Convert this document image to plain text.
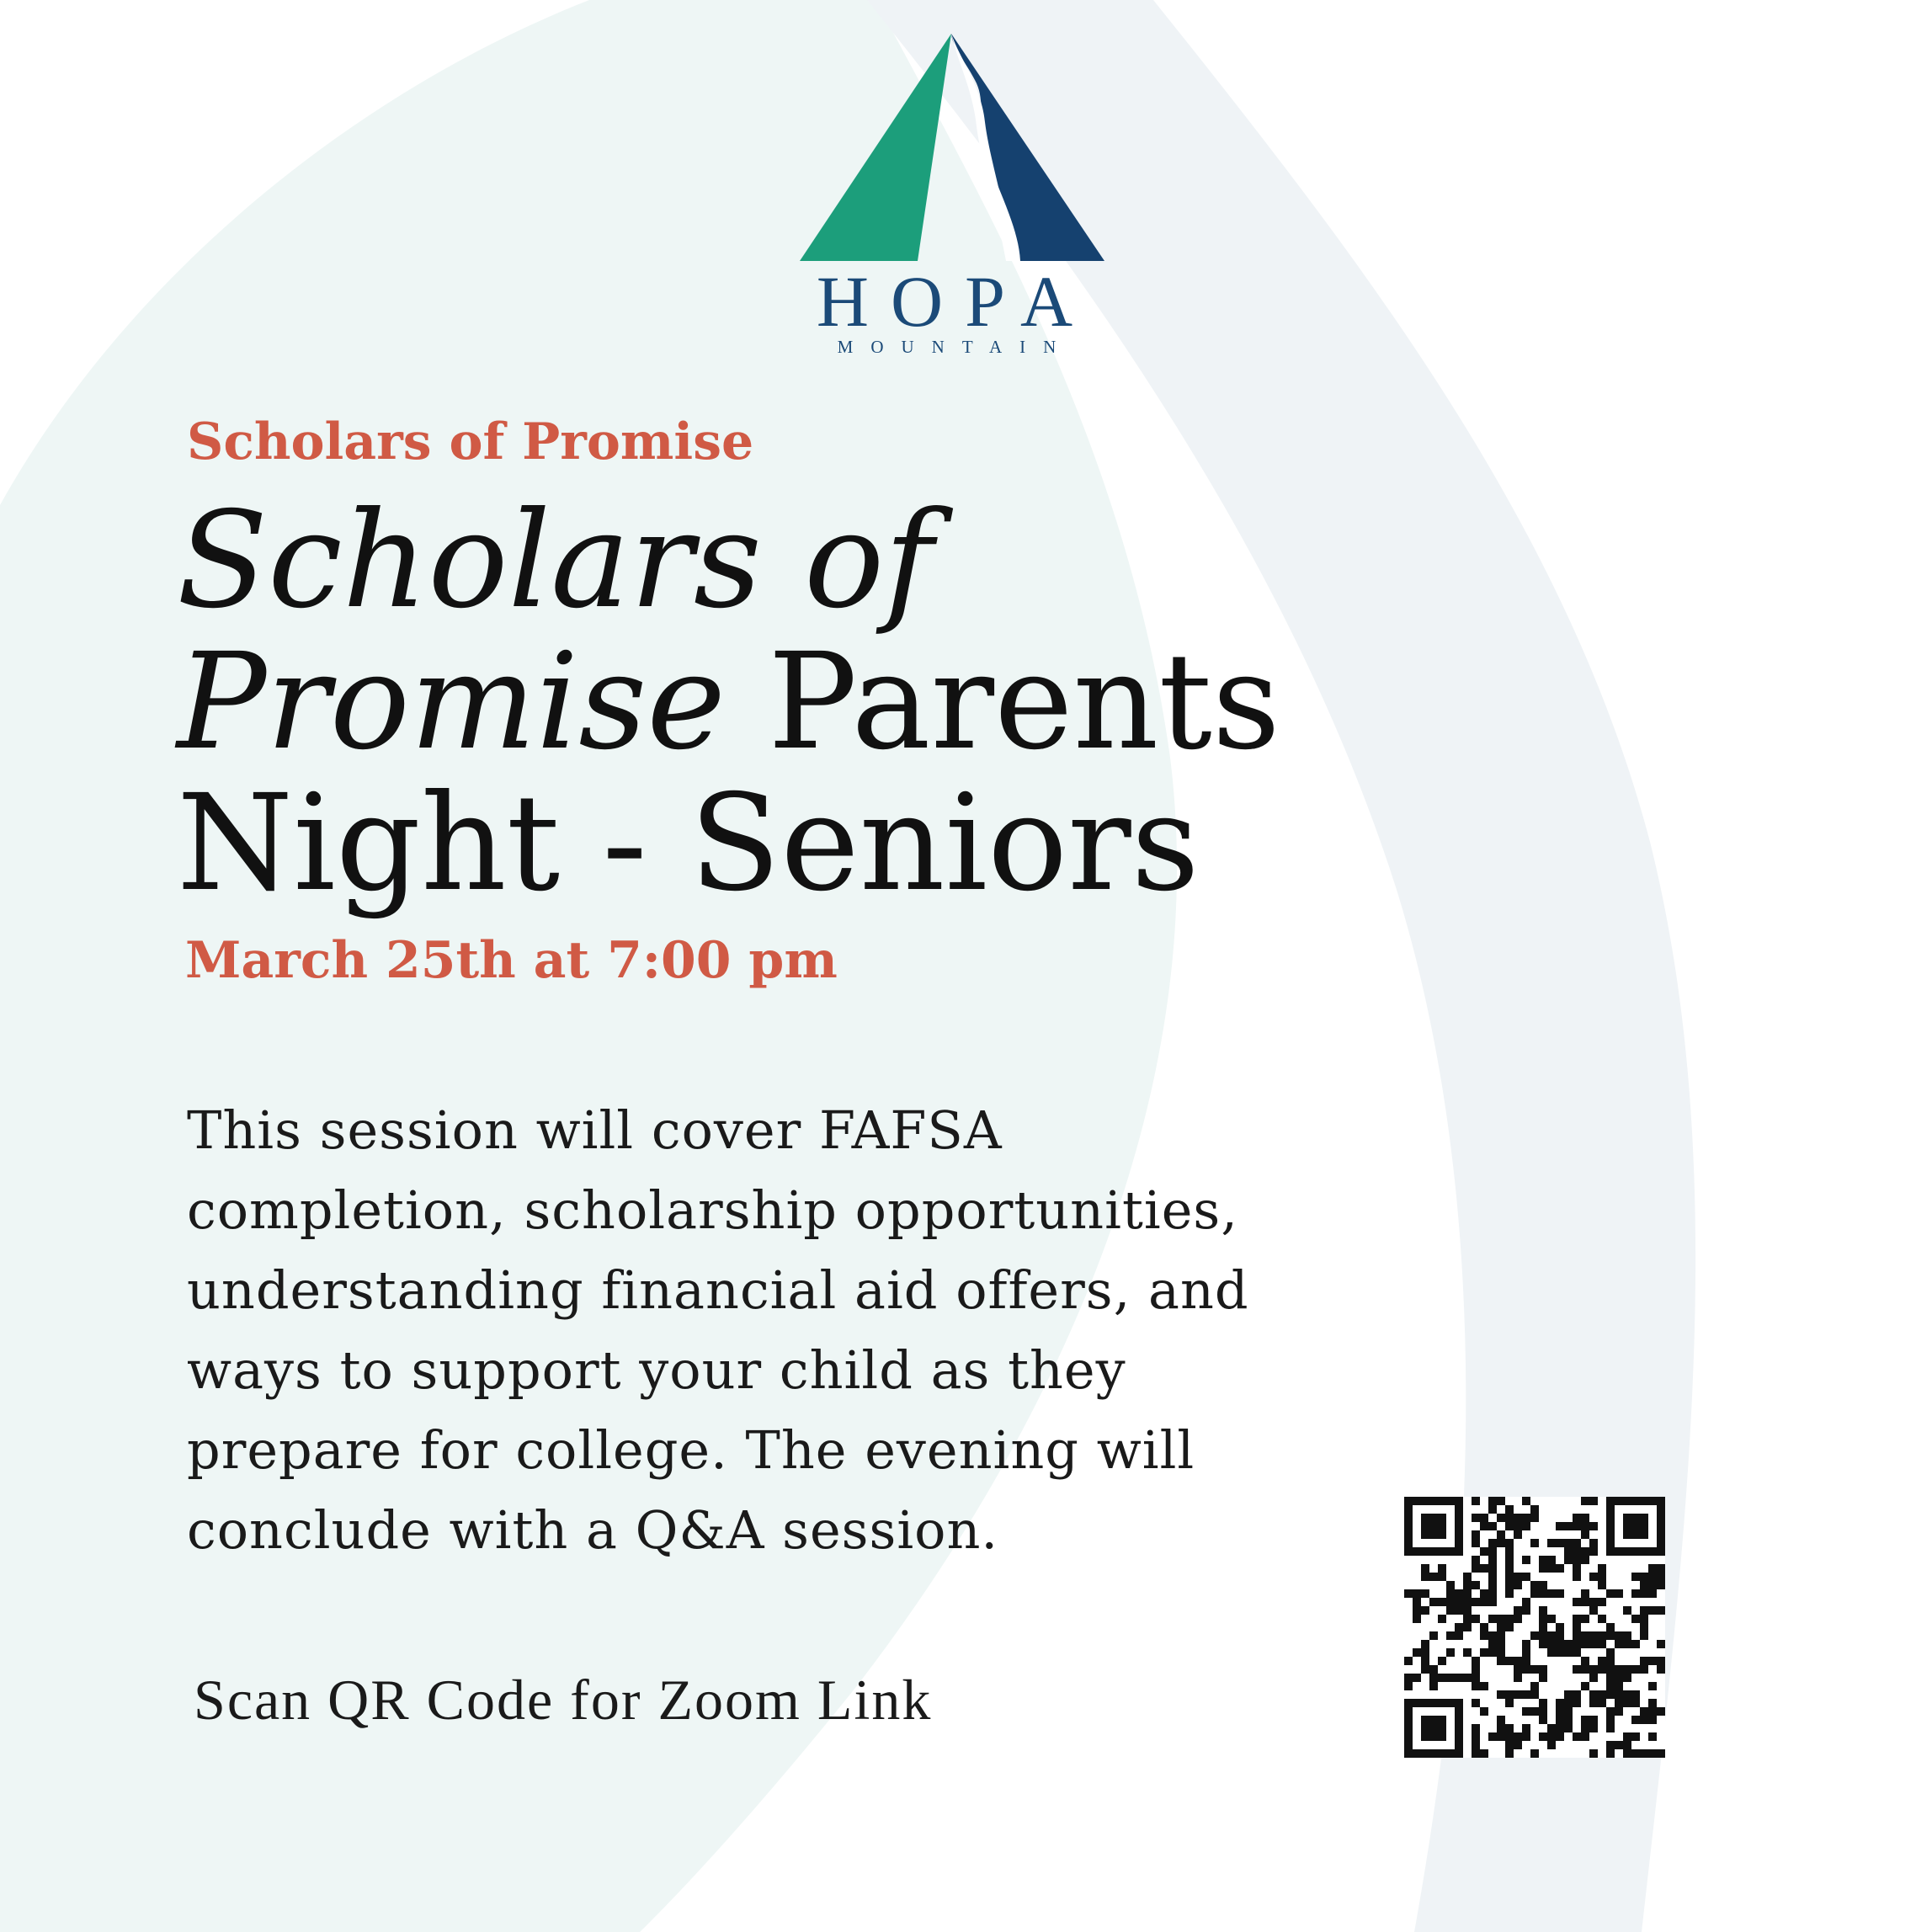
HOPA
MOUNTAIN

Scholars of Promise

Scholars of
Promise Parents
Night - Seniors

March 25th at 7:00 pm

This session will cover FAFSA
completion, scholarship opportunities,
understanding financial aid offers, and
ways to support your child as they
prepare for college. The evening will
conclude with a Q&A session.

Scan QR Code for Zoom Link
